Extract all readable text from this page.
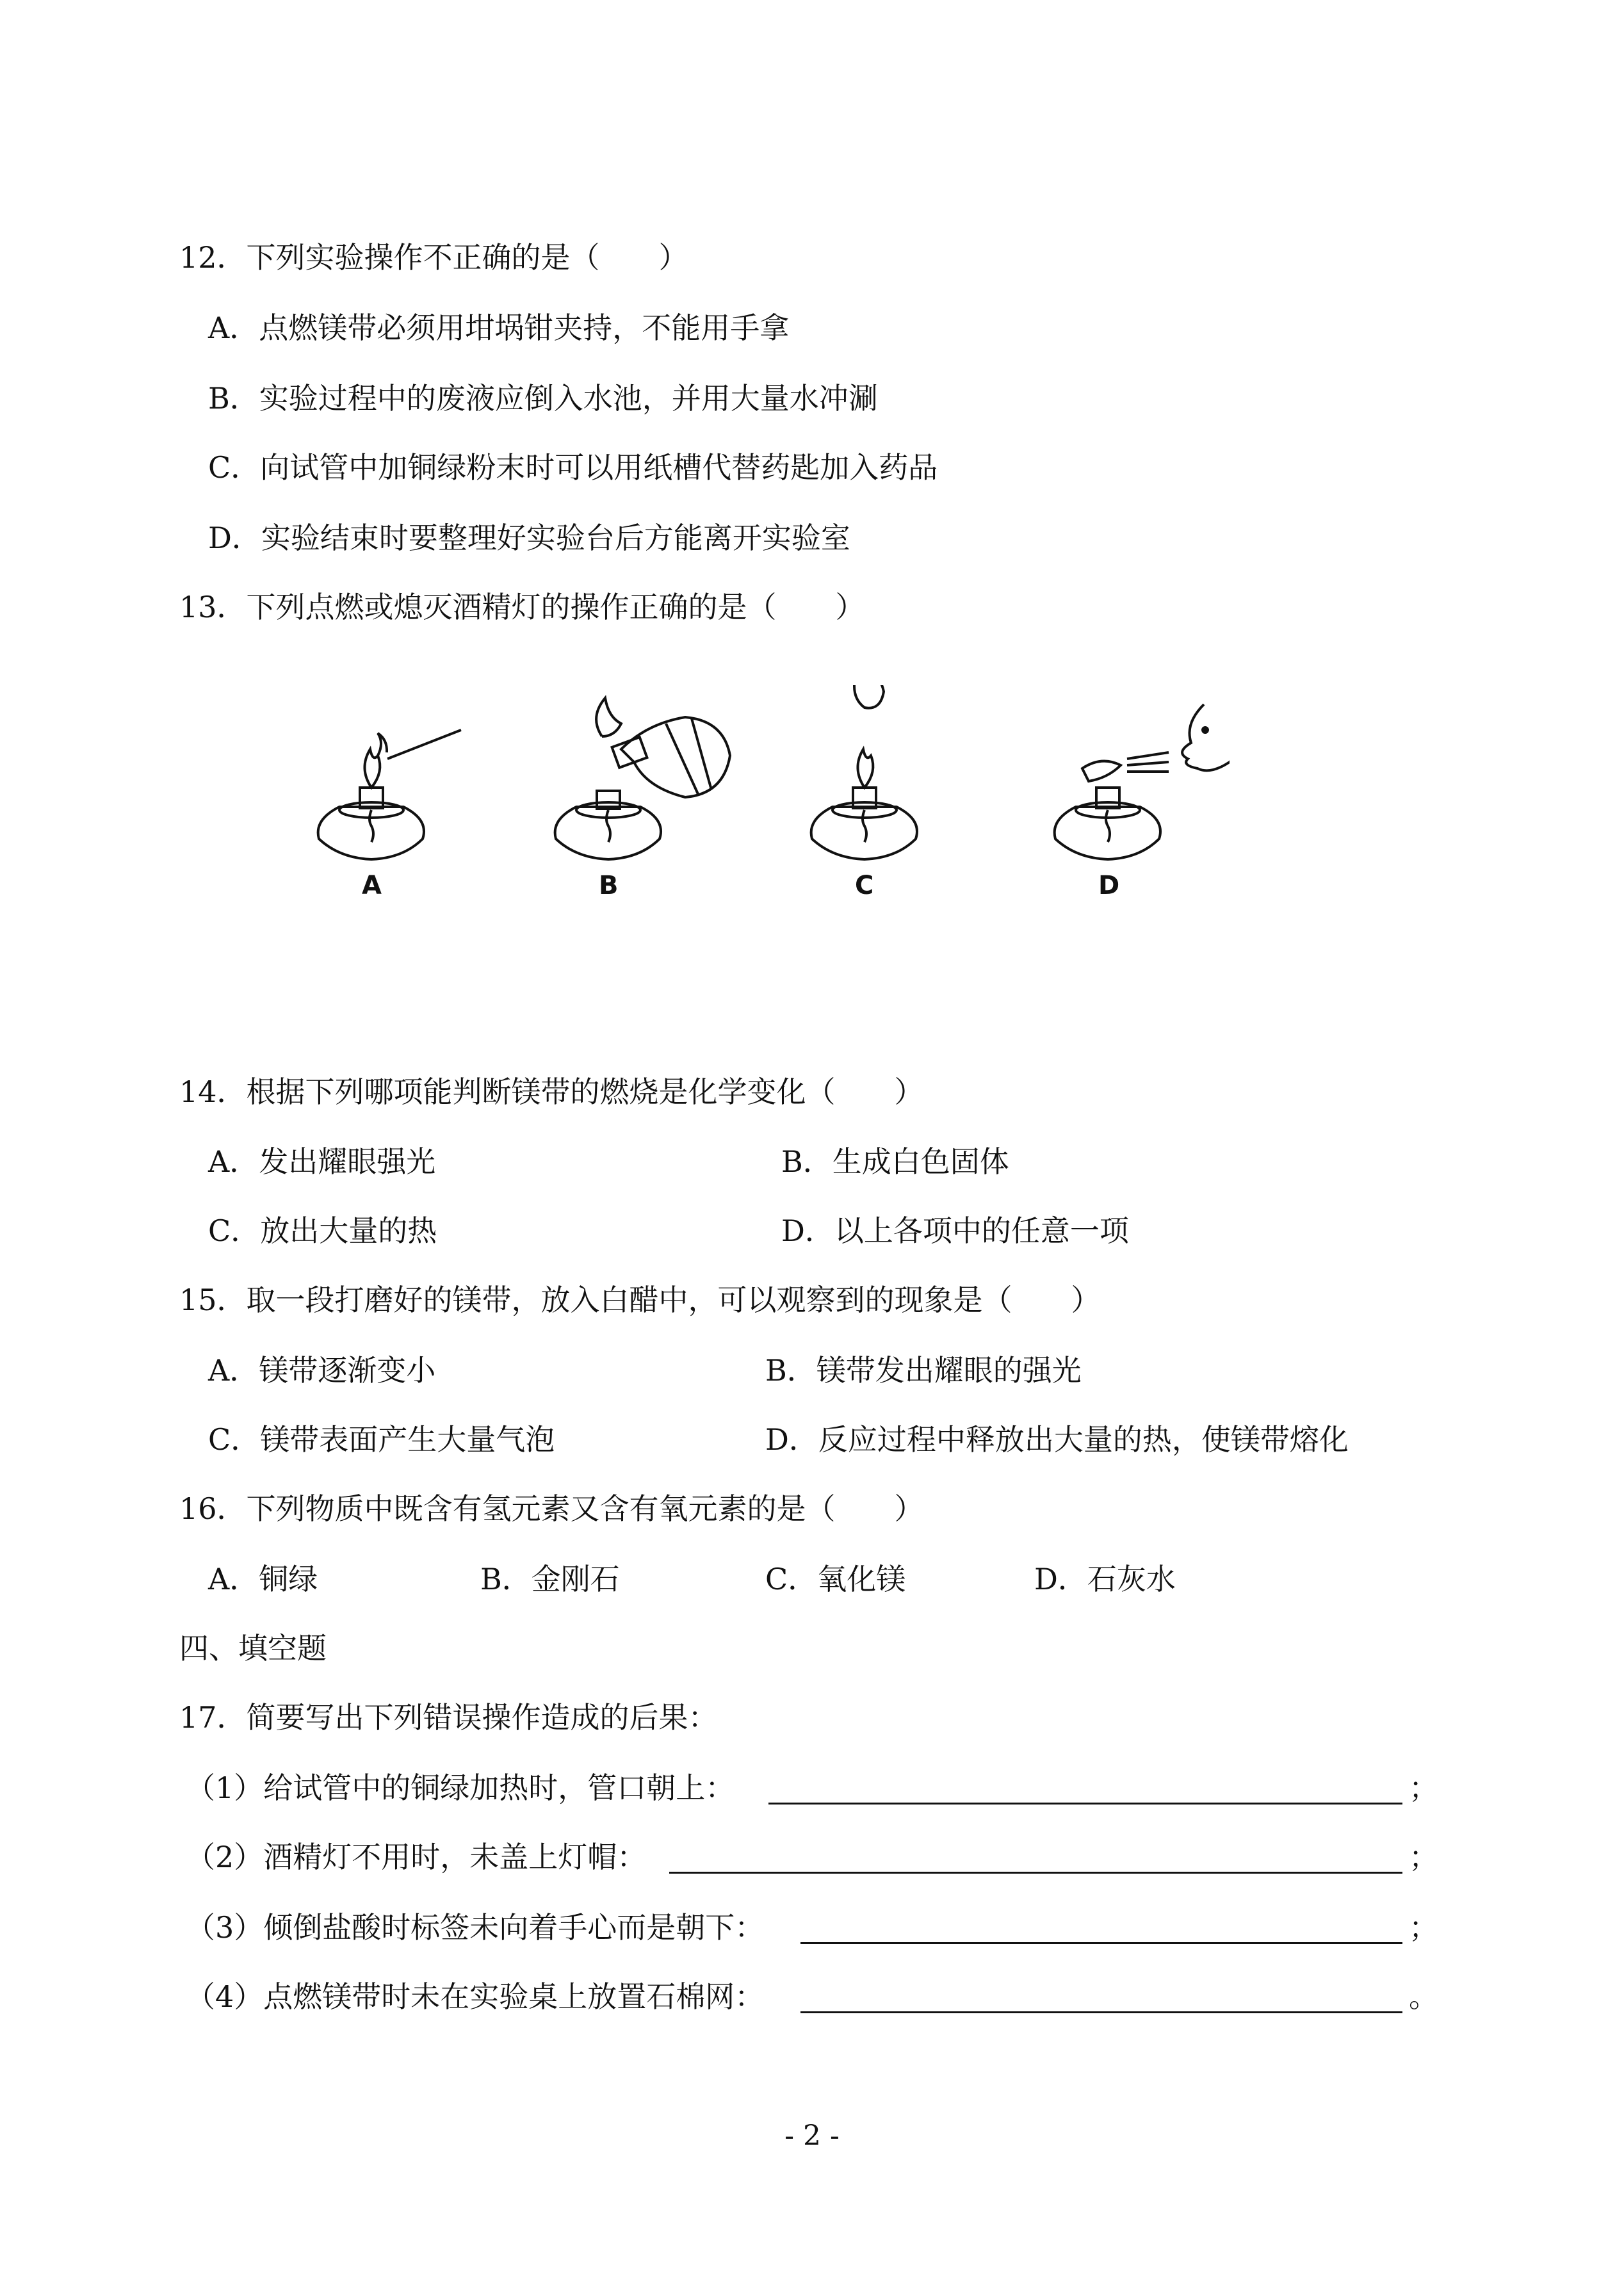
12．下列实验操作不正确的是（　　）
A．点燃镁带必须用坩埚钳夹持，不能用手拿
B．实验过程中的废液应倒入水池，并用大量水冲涮
C．向试管中加铜绿粉末时可以用纸槽代替药匙加入药品
D．实验结束时要整理好实验台后方能离开实验室
13．下列点燃或熄灭酒精灯的操作正确的是（　　）
A	B	C	D
14．根据下列哪项能判断镁带的燃烧是化学变化（　　）
A．发出耀眼强光	B．生成白色固体
C．放出大量的热	D．以上各项中的任意一项
15．取一段打磨好的镁带，放入白醋中，可以观察到的现象是（　　）
A．镁带逐渐变小	B．镁带发出耀眼的强光
C．镁带表面产生大量气泡	D．反应过程中释放出大量的热，使镁带熔化
16．下列物质中既含有氢元素又含有氧元素的是（　　）
A．铜绿	B．金刚石	C．氧化镁	D．石灰水
四、填空题
17．简要写出下列错误操作造成的后果：
（1）给试管中的铜绿加热时，管口朝上：	；
（2）酒精灯不用时，未盖上灯帽：	；
（3）倾倒盐酸时标签未向着手心而是朝下：	；
（4）点燃镁带时未在实验桌上放置石棉网：	。
- 2 -
